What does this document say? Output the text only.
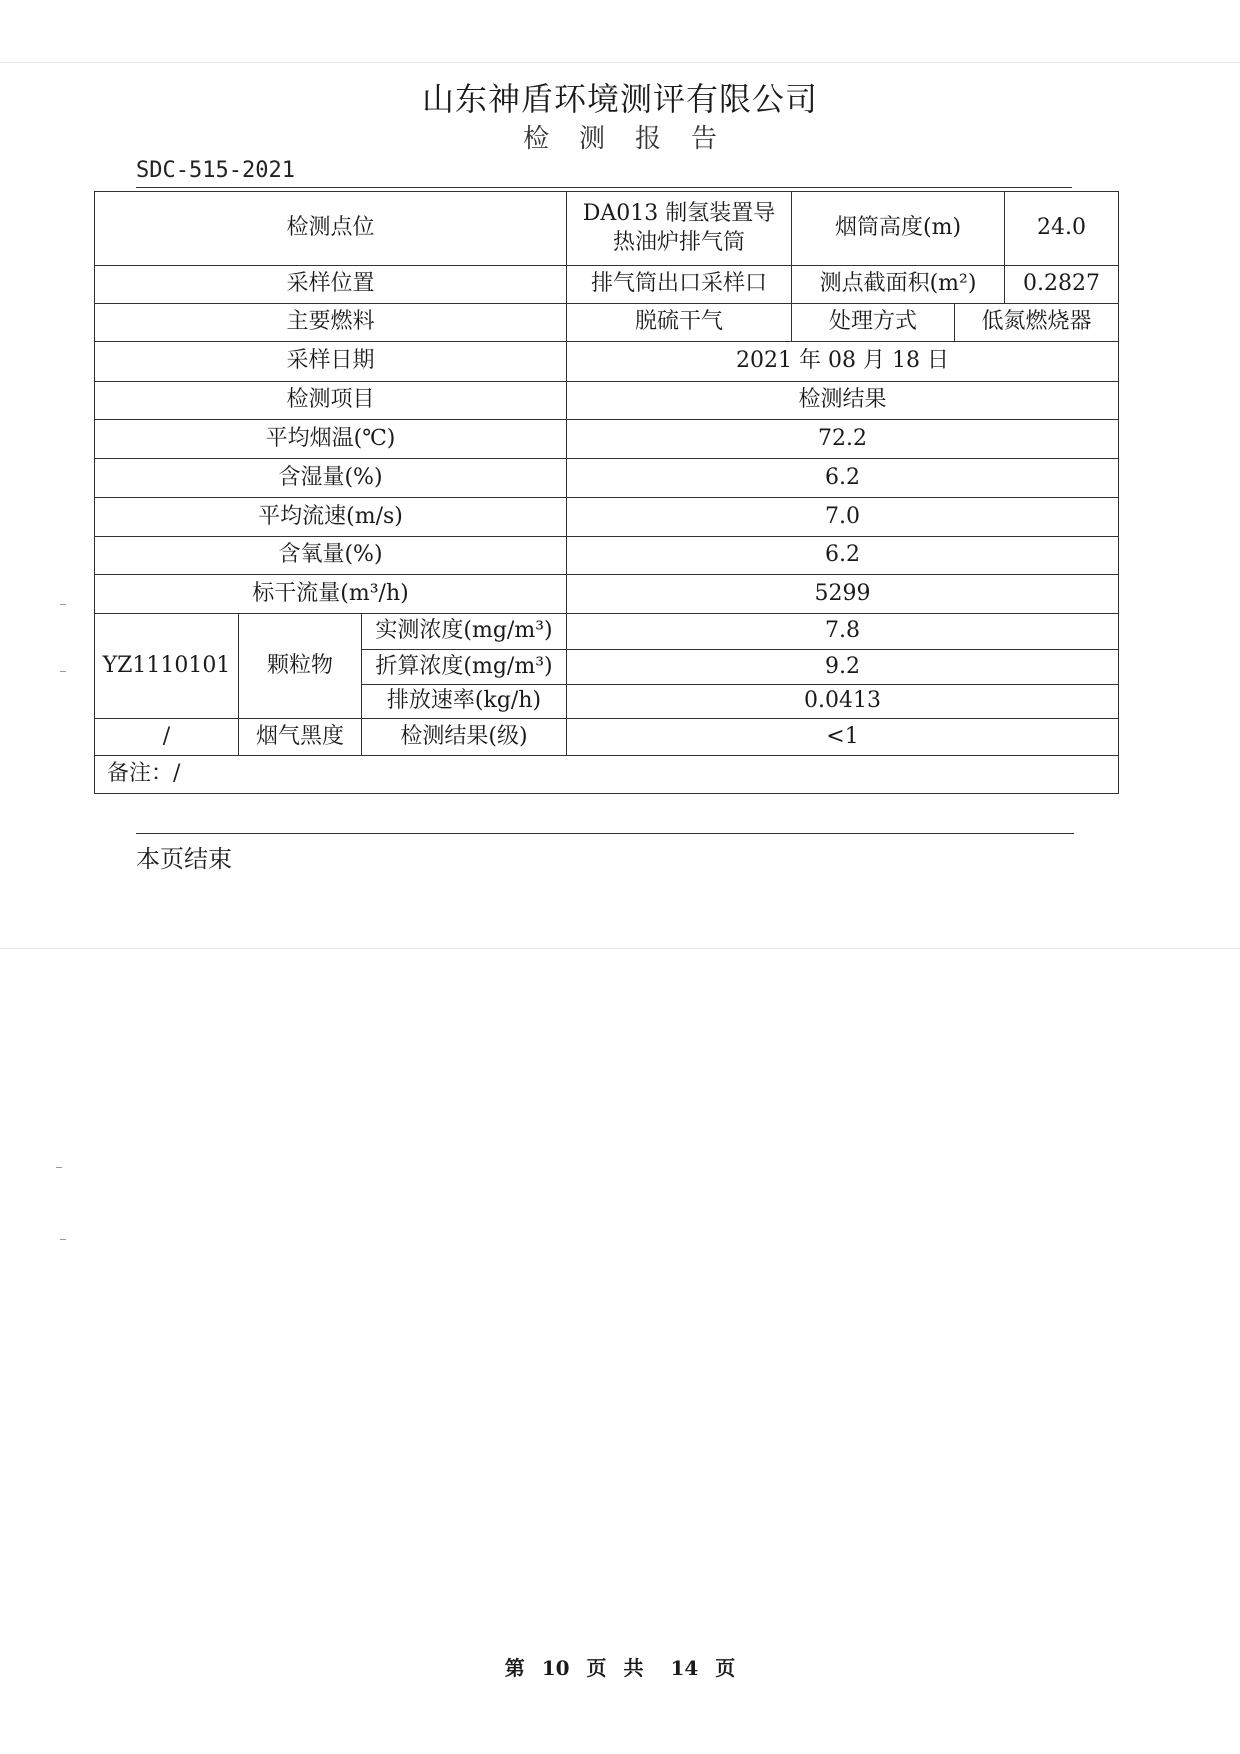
山东神盾环境测评有限公司
检测报告
SDC-515-2021
检测点位			DA013 制氢装置导热油炉排气筒	烟筒高度(m)		24.0
采样位置			排气筒出口采样口	测点截面积(m²)		0.2827
主要燃料			脱硫干气	处理方式	低氮燃烧器	
采样日期			2021 年 08 月 18 日			
检测项目			检测结果			
平均烟温(℃)			72.2			
含湿量(%)			6.2			
平均流速(m/s)			7.0			
含氧量(%)			6.2			
标干流量(m³/h)			5299			
YZ1110101	颗粒物	实测浓度(mg/m³)	7.8			
		折算浓度(mg/m³)	9.2			
		排放速率(kg/h)	0.0413			
/	烟气黑度	检测结果(级)	<1			
备注：/						
本页结束
第 10 页 共 14 页
